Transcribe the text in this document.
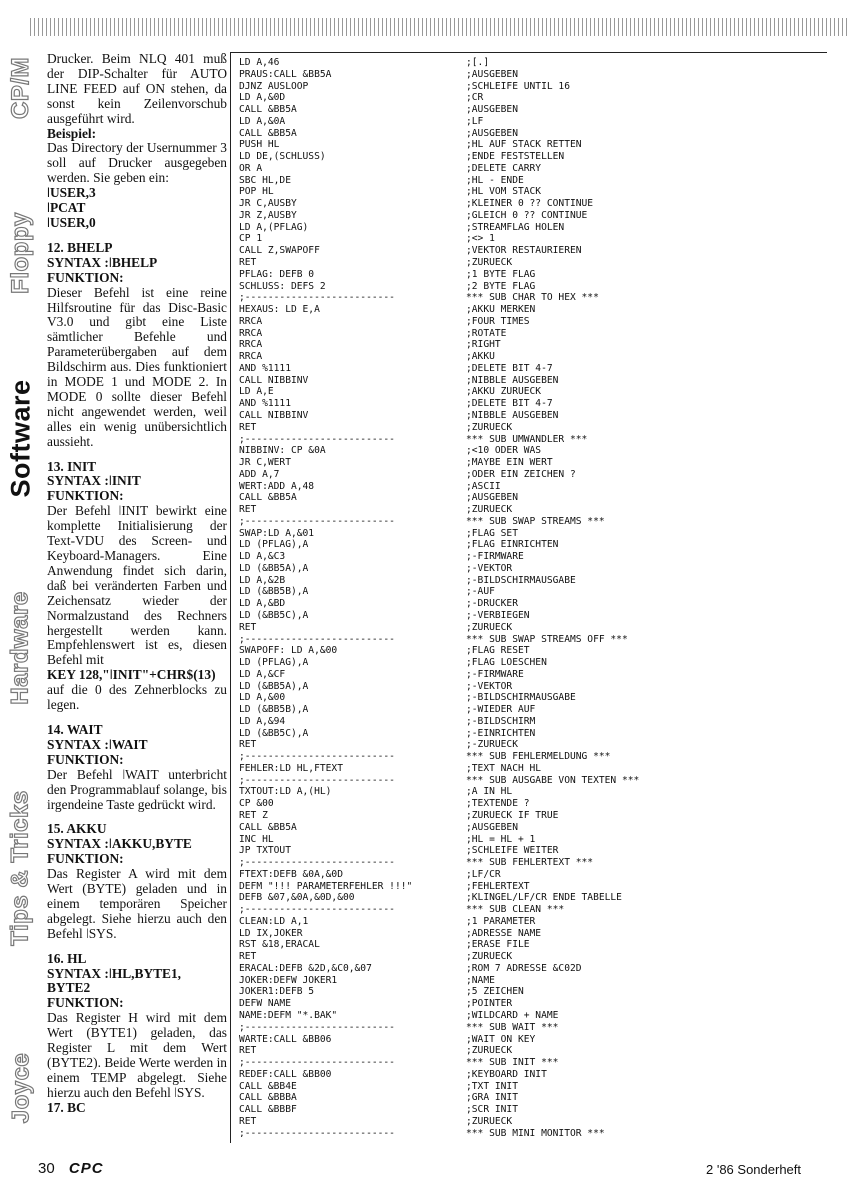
CP/M
Floppy
Software
Hardware
Tips & Tricks
Joyce

Drucker. Beim NLQ 401 muß der DIP-Schalter für AUTO LINE FEED auf ON stehen, da sonst kein Zeilenvorschub ausgeführt wird.

Beispiel:

Das Directory der Usernummer 3 soll auf Drucker ausgegeben werden. Sie geben ein:

ǀUSER,3

ǀPCAT

ǀUSER,0

12. BHELP

SYNTAX :ǀBHELP

FUNKTION:

Dieser Befehl ist eine reine Hilfsroutine für das Disc-Basic V3.0 und gibt eine Liste sämtlicher Befehle und Parameterübergaben auf dem Bildschirm aus. Dies funktioniert in MODE 1 und MODE 2. In MODE 0 sollte dieser Befehl nicht angewendet werden, weil alles ein wenig unübersichtlich aussieht.

13. INIT

SYNTAX :ǀINIT

FUNKTION:

Der Befehl ǀINIT bewirkt eine komplette Initialisierung der Text-VDU des Screen- und Keyboard-Managers. Eine Anwendung findet sich darin, daß bei veränderten Farben und Zeichensatz wieder der Normalzustand des Rechners hergestellt werden kann. Empfehlenswert ist es, diesen Befehl mit

KEY 128,"ǀINIT"+CHR$(13)

auf die 0 des Zehnerblocks zu legen.

14. WAIT

SYNTAX :ǀWAIT

FUNKTION:

Der Befehl ǀWAIT unterbricht den Programmablauf solange, bis irgendeine Taste gedrückt wird.

15. AKKU

SYNTAX :ǀAKKU,BYTE

FUNKTION:

Das Register A wird mit dem Wert (BYTE) geladen und in einem temporären Speicher abgelegt. Siehe hierzu auch den Befehl ǀSYS.

16. HL

SYNTAX :ǀHL,BYTE1, BYTE2

FUNKTION:

Das Register H wird mit dem Wert (BYTE1) geladen, das Register L mit dem Wert (BYTE2). Beide Werte werden in einem TEMP abgelegt. Siehe hierzu auch den Befehl ǀSYS.

17. BC

LD A,46	;[.]
PRAUS:CALL &BB5A	;AUSGEBEN
DJNZ AUSLOOP	;SCHLEIFE UNTIL 16
LD A,&0D	;CR
CALL &BB5A	;AUSGEBEN
LD A,&0A	;LF
CALL &BB5A	;AUSGEBEN
PUSH HL	;HL AUF STACK RETTEN
LD DE,(SCHLUSS)	;ENDE FESTSTELLEN
OR A	;DELETE CARRY
SBC HL,DE	;HL - ENDE
POP HL	;HL VOM STACK
JR C,AUSBY	;KLEINER 0 ?? CONTINUE
JR Z,AUSBY	;GLEICH 0 ?? CONTINUE
LD A,(PFLAG)	;STREAMFLAG HOLEN
CP 1	;<> 1
CALL Z,SWAPOFF	;VEKTOR RESTAURIEREN
RET	;ZURUECK
PFLAG: DEFB 0	;1 BYTE FLAG
SCHLUSS: DEFS 2	;2 BYTE FLAG
;--------------------------	*** SUB CHAR TO HEX ***
HEXAUS: LD E,A	;AKKU MERKEN
RRCA	;FOUR TIMES
RRCA	;ROTATE
RRCA	;RIGHT
RRCA	;AKKU
AND %1111	;DELETE BIT 4-7
CALL NIBBINV	;NIBBLE AUSGEBEN
LD A,E	;AKKU ZURUECK
AND %1111	;DELETE BIT 4-7
CALL NIBBINV	;NIBBLE AUSGEBEN
RET	;ZURUECK
;--------------------------	*** SUB UMWANDLER ***
NIBBINV: CP &0A	;<10 ODER WAS
JR C,WERT	;MAYBE EIN WERT
ADD A,7	;ODER EIN ZEICHEN ?
WERT:ADD A,48	;ASCII
CALL &BB5A	;AUSGEBEN
RET	;ZURUECK
;--------------------------	*** SUB SWAP STREAMS ***
SWAP:LD A,&01	;FLAG SET
LD (PFLAG),A	;FLAG EINRICHTEN
LD A,&C3	;-FIRMWARE
LD (&BB5A),A	;-VEKTOR
LD A,&2B	;-BILDSCHIRMAUSGABE
LD (&BB5B),A	;-AUF
LD A,&BD	;-DRUCKER
LD (&BB5C),A	;-VERBIEGEN
RET	;ZURUECK
;--------------------------	*** SUB SWAP STREAMS OFF ***
SWAPOFF: LD A,&00	;FLAG RESET
LD (PFLAG),A	;FLAG LOESCHEN
LD A,&CF	;-FIRMWARE
LD (&BB5A),A	;-VEKTOR
LD A,&00	;-BILDSCHIRMAUSGABE
LD (&BB5B),A	;-WIEDER AUF
LD A,&94	;-BILDSCHIRM
LD (&BB5C),A	;-EINRICHTEN
RET	;-ZURUECK
;--------------------------	*** SUB FEHLERMELDUNG ***
FEHLER:LD HL,FTEXT	;TEXT NACH HL
;--------------------------	*** SUB AUSGABE VON TEXTEN ***
TXTOUT:LD A,(HL)	;A IN HL
CP &00	;TEXTENDE ?
RET Z	;ZURUECK IF TRUE
CALL &BB5A	;AUSGEBEN
INC HL	;HL = HL + 1
JP TXTOUT	;SCHLEIFE WEITER
;--------------------------	*** SUB FEHLERTEXT ***
FTEXT:DEFB &0A,&0D	;LF/CR
DEFM "!!! PARAMETERFEHLER !!!"	;FEHLERTEXT
DEFB &07,&0A,&0D,&00	;KLINGEL/LF/CR ENDE TABELLE
;--------------------------	*** SUB CLEAN ***
CLEAN:LD A,1	;1 PARAMETER
LD IX,JOKER	;ADRESSE NAME
RST &18,ERACAL	;ERASE FILE
RET	;ZURUECK
ERACAL:DEFB &2D,&C0,&07	;ROM 7 ADRESSE &C02D
JOKER:DEFW JOKER1	;NAME
JOKER1:DEFB 5	;5 ZEICHEN
DEFW NAME	;POINTER
NAME:DEFM "*.BAK"	;WILDCARD + NAME
;--------------------------	*** SUB WAIT ***
WARTE:CALL &BB06	;WAIT ON KEY
RET	;ZURUECK
;--------------------------	*** SUB INIT ***
REDEF:CALL &BB00	;KEYBOARD INIT
CALL &BB4E	;TXT INIT
CALL &BBBA	;GRA INIT
CALL &BBBF	;SCR INIT
RET	;ZURUECK
;--------------------------	*** SUB MINI MONITOR ***
30 CPC	2 '86 Sonderheft
